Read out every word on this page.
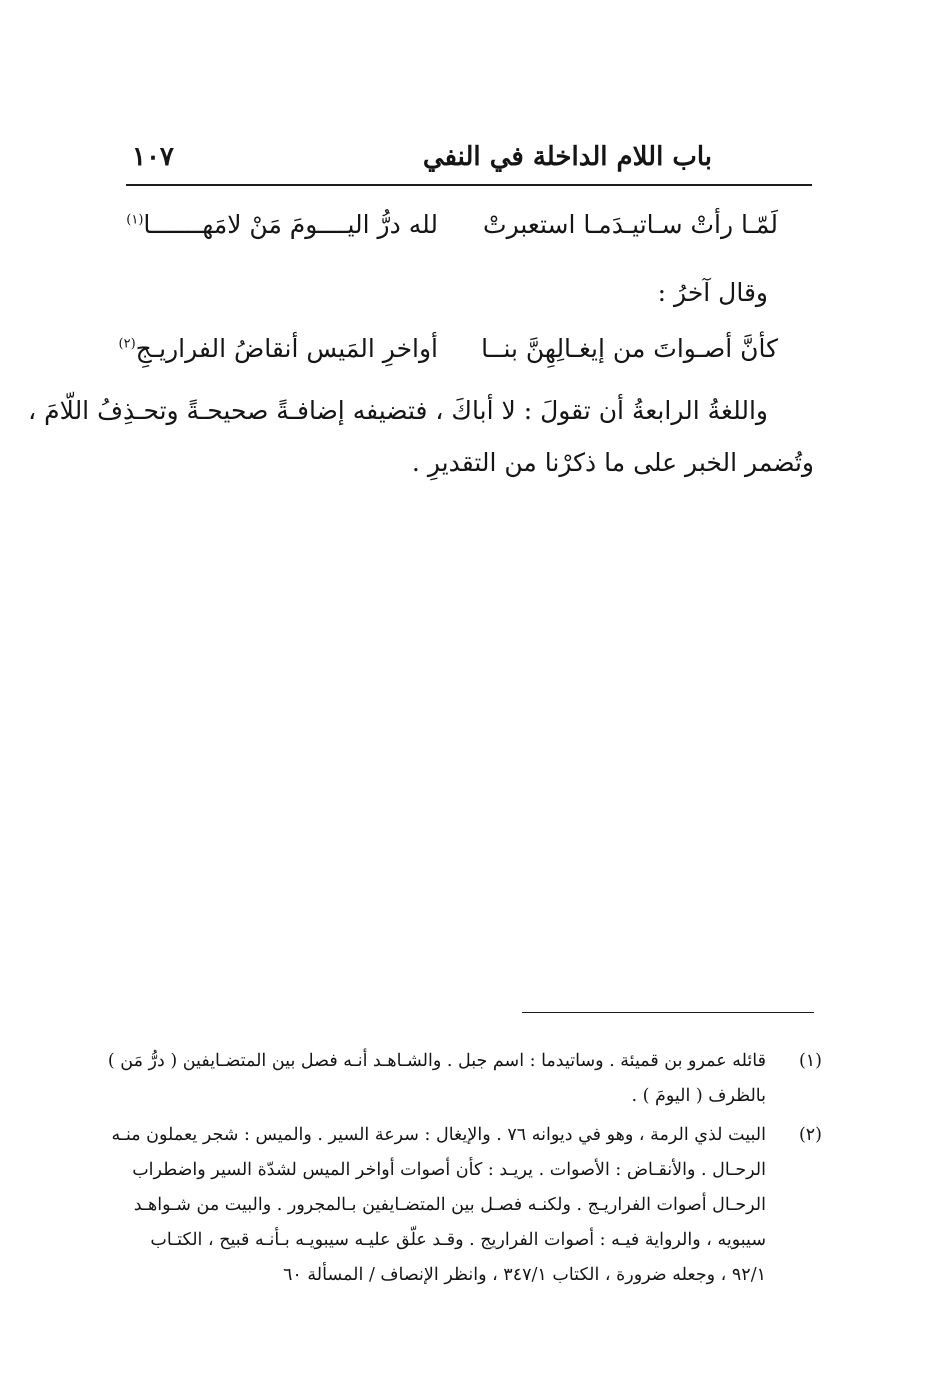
باب اللام الداخلة في النفي
١٠٧
لَمّـا رأتْ سـاتيـدَمـا استعبرتْ
لله درُّ اليــــومَ مَنْ لامَهـــــــا$^{(١)}$
وقال آخرُ :
كأنَّ أصـواتَ من إيغـالِهِنَّ بنــا
أواخرِ المَيس أنقاضُ الفراريـجِ$^{(٢)}$
واللغةُ الرابعةُ أن تقولَ : لا أباكَ ، فتضيفه إضافـةً صحيحـةً وتحـذِفُ اللّامَ ،
وتُضمر الخبر على ما ذكرْنا من التقديرِ .
(١)
قائله عمرو بن قميئة . وساتيدما : اسم جبل . والشـاهـد أنـه فصل بين المتضـايفين ( درُّ مَن )
بالظرف ( اليومَ ) .
(٢)
البيت لذي الرمة ، وهو في ديوانه ٧٦ . والإيغال : سرعة السير . والميس : شجر يعملون منـه
الرحـال . والأنقـاض : الأصوات . يريـد : كأن أصوات أواخر الميس لشدّة السير واضطراب
الرحـال أصوات الفراريـج . ولكنـه فصـل بين المتضـايفين بـالمجرور . والبيت من شـواهـد
سيبويه ، والرواية فيـه : أصوات الفراريج . وقـد علّق عليـه سيبويـه بـأنـه قبيح ، الكتـاب
٩٢/١ ، وجعله ضرورة ، الكتاب ٣٤٧/١ ، وانظر الإنصاف / المسألة ٦٠
